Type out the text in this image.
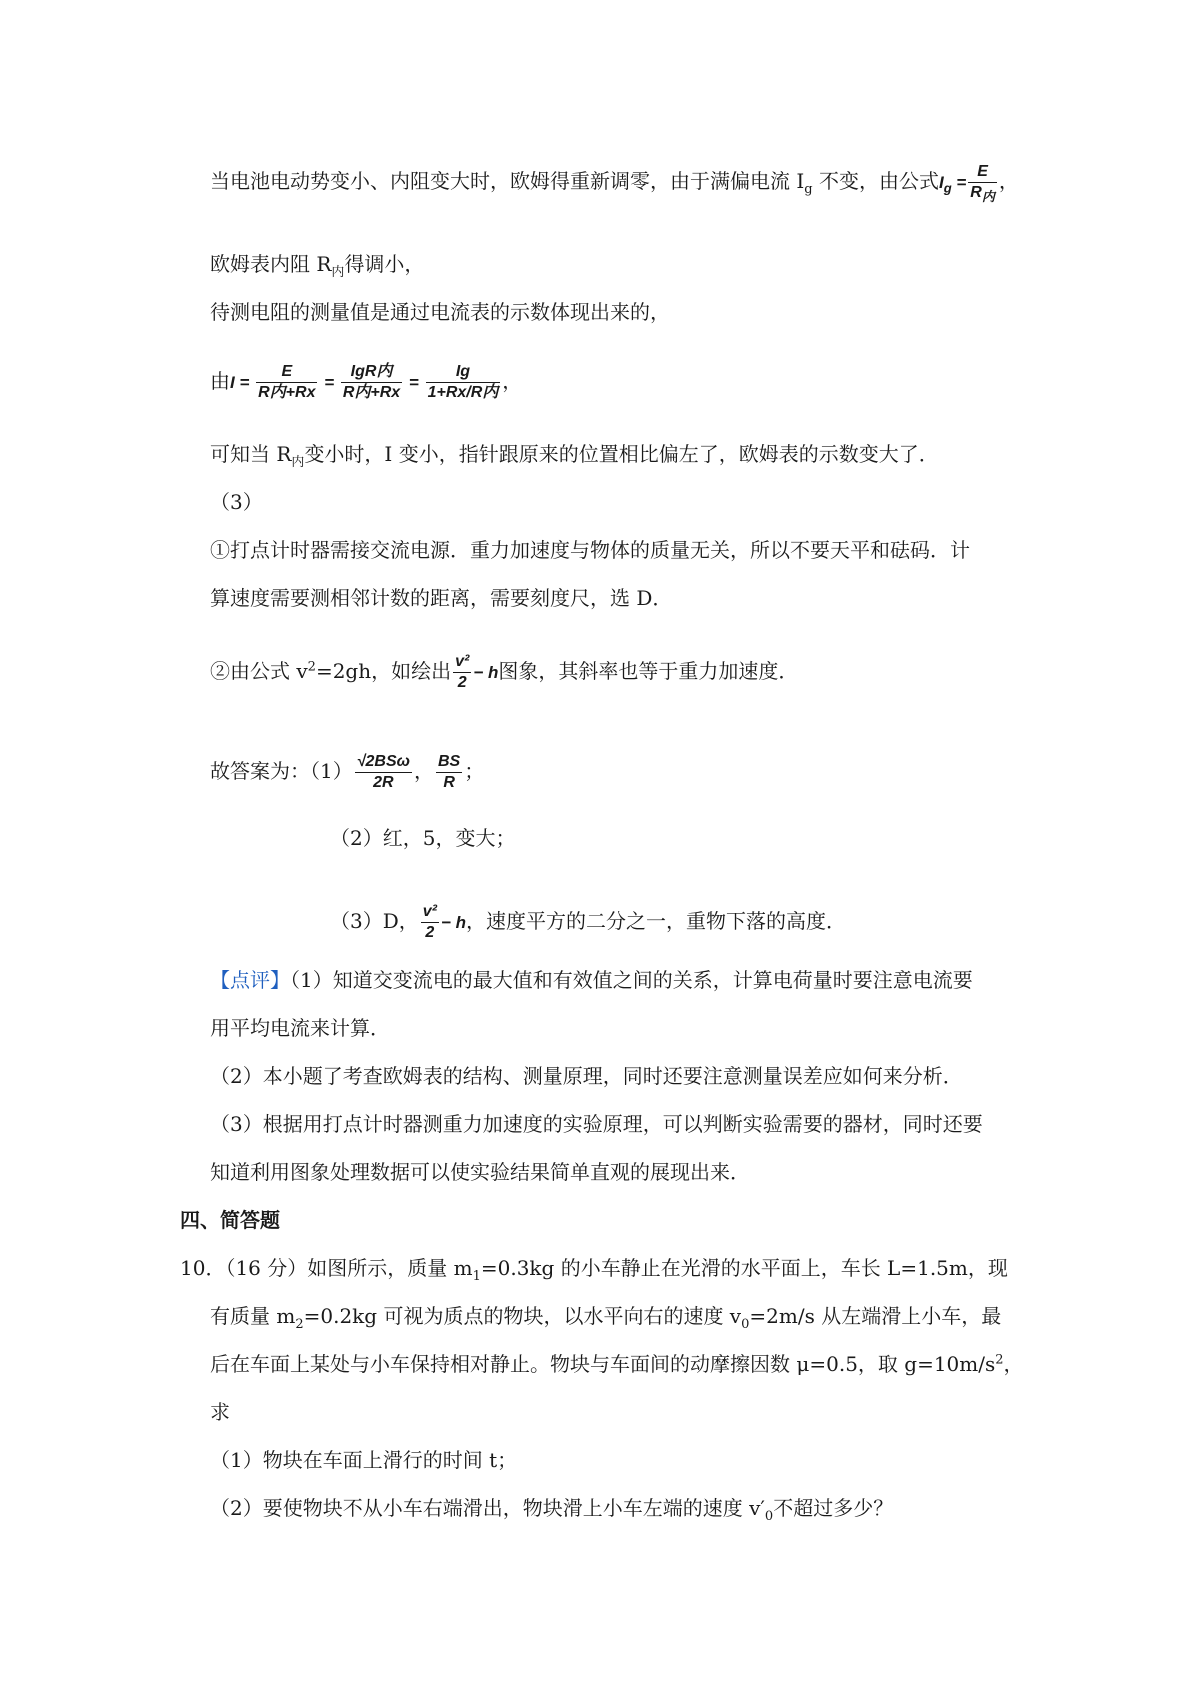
当电池电动势变小、内阻变大时，欧姆得重新调零，由于满偏电流 $I_g$ 不变，由公式$I_g = \frac{E}{R_内}$ ，
欧姆表内阻 $R_内$得调小，
待测电阻的测量值是通过电流表的示数体现出来的，
由$I = \frac{E}{\text{R内+Rx}} = \frac{\text{IgR内}}{\text{R内+Rx}} = \frac{Ig}{\text{1+Rx/R内}}$ ，
可知当 $R_内$变小时，I 变小，指针跟原来的位置相比偏左了，欧姆表的示数变大了．
（3）
①打点计时器需接交流电源．重力加速度与物体的质量无关，所以不要天平和砝码．计
算速度需要测相邻计数的距离，需要刻度尺，选 D．
②由公式 $v^2=2gh$，如绘出 $\frac{\text{v²}}{2} - h$图象，其斜率也等于重力加速度．
故答案为：$(1) \frac{\text{√2BSω}}{2R}$ ， $\frac{BS}{R}$ ；
（2）红，5，变大；
（3）D， $\frac{\text{v²}}{2} - h$，速度平方的二分之一，重物下落的高度．
【点评】（1）知道交变流电的最大值和有效值之间的关系，计算电荷量时要注意电流要
用平均电流来计算．
（2）本小题了考查欧姆表的结构、测量原理，同时还要注意测量误差应如何来分析．
（3）根据用打点计时器测重力加速度的实验原理，可以判断实验需要的器材，同时还要
知道利用图象处理数据可以使实验结果简单直观的展现出来．
四、简答题
10．（16 分）如图所示，质量 $m_1=0.3kg$ 的小车静止在光滑的水平面上，车长 L=1.5m，现
有质量 $m_2=0.2kg$ 可视为质点的物块，以水平向右的速度 $v_0=2m/s$ 从左端滑上小车，最
后在车面上某处与小车保持相对静止。物块与车面间的动摩擦因数 μ=0.5，取 $g=10m/s^2$，
求
（1）物块在车面上滑行的时间 t；
（2）要使物块不从小车右端滑出，物块滑上小车左端的速度 $v'_0$不超过多少？
